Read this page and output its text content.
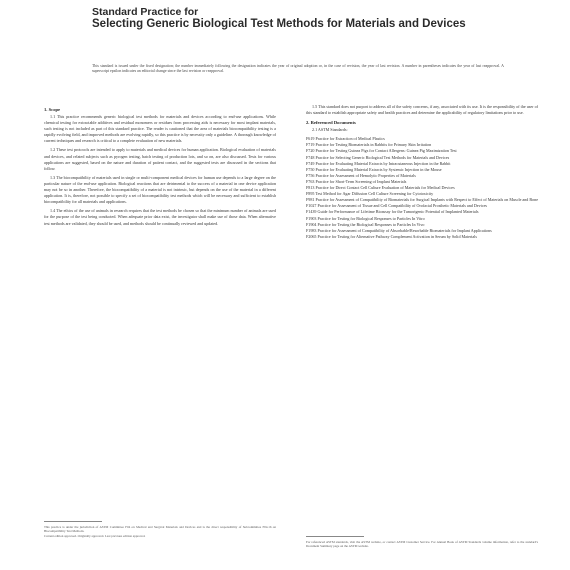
Standard Practice for
Selecting Generic Biological Test Methods for Materials and Devices
This standard is issued under the fixed designation; the number immediately following the designation indicates the year of original adoption or, in the case of revision, the year of last revision. A number in parentheses indicates the year of last reapproval. A superscript epsilon indicates an editorial change since the last revision or reapproval.
1. Scope

1.1 This practice recommends generic biological test methods for materials and devices according to end-use applications. While chemical testing for extractable additives and residual monomers or residues from processing aids is necessary for most implant materials, such testing is not included as part of this standard practice. The reader is cautioned that the area of materials biocompatibility testing is a rapidly evolving field, and improved methods are evolving rapidly, so this practice is by necessity only a guideline. A thorough knowledge of current techniques and research is critical to a complete evaluation of new materials.

1.2 These test protocols are intended to apply to materials and medical devices for human application. Biological evaluation of materials and devices, and related subjects such as pyrogen testing, batch testing of production lots, and so on, are also discussed. Tests for various applications are suggested, based on the nature and duration of patient contact, and the suggested tests are discussed in the sections that follow.

1.3 The biocompatibility of materials used in single or multi-component medical devices for human use depends to a large degree on the particular nature of the end-use application. Biological reactions that are detrimental to the success of a material in one device application may not be so in another. Therefore, the biocompatibility of a material is not intrinsic, but depends on the use of the material in a different application. It is, therefore, not possible to specify a set of biocompatibility test methods which will be necessary and sufficient to establish biocompatibility for all materials and applications.

1.4 The ethics of the use of animals in research requires that the test methods be chosen so that the minimum number of animals are used for the purpose of the test being conducted. When adequate prior data exist, the investigator shall make use of those data. When alternative test methods are validated, they should be used, and methods should be continually reviewed and updated.

1.5 This standard does not purport to address all of the safety concerns, if any, associated with its use. It is the responsibility of the user of this standard to establish appropriate safety and health practices and determine the applicability of regulatory limitations prior to use.

2. Referenced Documents

2.1 ASTM Standards:

F619 Practice for Extraction of Medical Plastics

F719 Practice for Testing Biomaterials in Rabbits for Primary Skin Irritation

F720 Practice for Testing Guinea Pigs for Contact Allergens: Guinea Pig Maximization Test

F748 Practice for Selecting Generic Biological Test Methods for Materials and Devices

F749 Practice for Evaluating Material Extracts by Intracutaneous Injection in the Rabbit

F750 Practice for Evaluating Material Extracts by Systemic Injection in the Mouse

F756 Practice for Assessment of Hemolytic Properties of Materials

F763 Practice for Short-Term Screening of Implant Materials

F813 Practice for Direct Contact Cell Culture Evaluation of Materials for Medical Devices

F895 Test Method for Agar Diffusion Cell Culture Screening for Cytotoxicity

F981 Practice for Assessment of Compatibility of Biomaterials for Surgical Implants with Respect to Effect of Materials on Muscle and Bone

F1027 Practice for Assessment of Tissue and Cell Compatibility of Orofacial Prosthetic Materials and Devices

F1439 Guide for Performance of Lifetime Bioassay for the Tumorigenic Potential of Implanted Materials

F1903 Practice for Testing for Biological Responses to Particles In Vitro

F1904 Practice for Testing the Biological Responses to Particles In Vivo

F1983 Practice for Assessment of Compatibility of Absorbable/Resorbable Biomaterials for Implant Applications

F2065 Practice for Testing for Alternative Pathway Complement Activation in Serum by Solid Materials

This practice is under the jurisdiction of ASTM Committee F04 on Medical and Surgical Materials and Devices and is the direct responsibility of Subcommittee F04.16 on Biocompatibility Test Methods.
Current edition approved. Originally approved. Last previous edition approved.
For referenced ASTM standards, visit the ASTM website, or contact ASTM Customer Service. For Annual Book of ASTM Standards volume information, refer to the standard's Document Summary page on the ASTM website.
